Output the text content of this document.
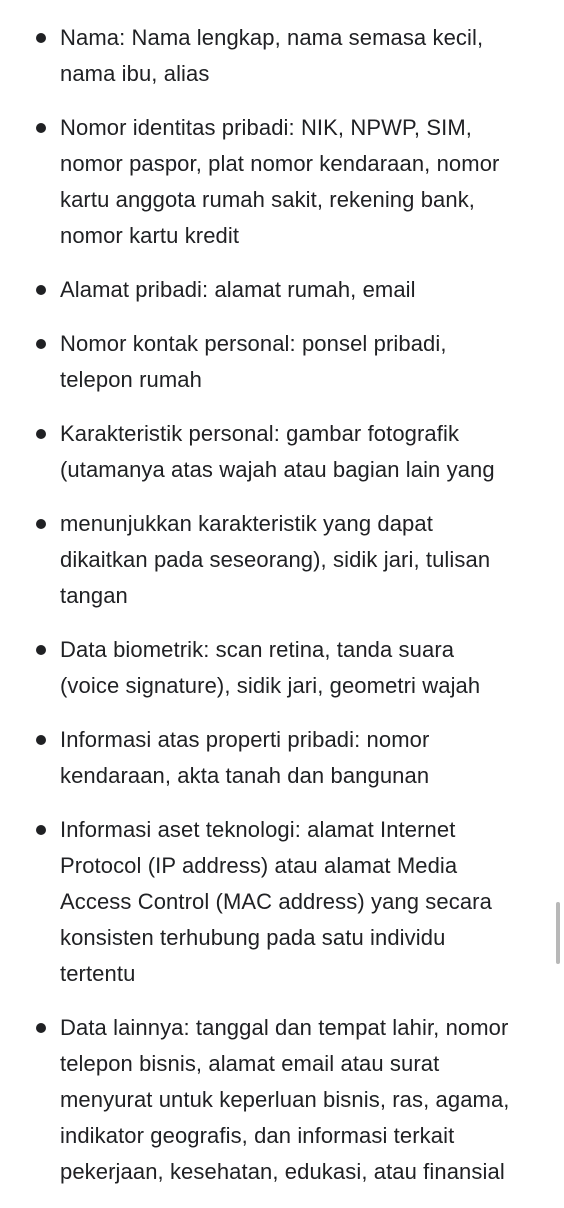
Nama: Nama lengkap, nama semasa kecil,
nama ibu, alias
Nomor identitas pribadi: NIK, NPWP, SIM,
nomor paspor, plat nomor kendaraan, nomor
kartu anggota rumah sakit, rekening bank,
nomor kartu kredit
Alamat pribadi: alamat rumah, email
Nomor kontak personal: ponsel pribadi,
telepon rumah
Karakteristik personal: gambar fotografik
(utamanya atas wajah atau bagian lain yang
menunjukkan karakteristik yang dapat
dikaitkan pada seseorang), sidik jari, tulisan
tangan
Data biometrik: scan retina, tanda suara
(voice signature), sidik jari, geometri wajah
Informasi atas properti pribadi: nomor
kendaraan, akta tanah dan bangunan
Informasi aset teknologi: alamat Internet
Protocol (IP address) atau alamat Media
Access Control (MAC address) yang secara
konsisten terhubung pada satu individu
tertentu
Data lainnya: tanggal dan tempat lahir, nomor
telepon bisnis, alamat email atau surat
menyurat untuk keperluan bisnis, ras, agama,
indikator geografis, dan informasi terkait
pekerjaan, kesehatan, edukasi, atau finansial
